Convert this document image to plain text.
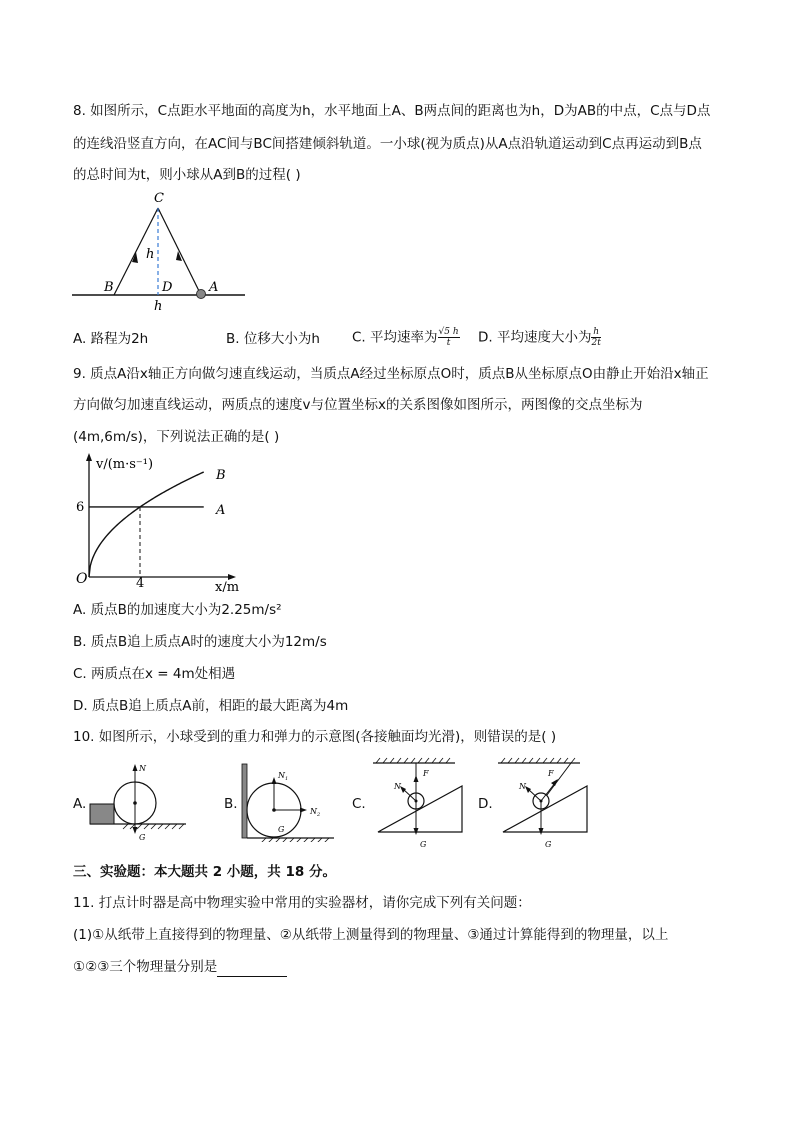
8. 如图所示，C点距水平地面的高度为h，水平地面上A、B两点间的距离也为h，D为AB的中点，C点与D点
的连线沿竖直方向，在AC间与BC间搭建倾斜轨道。一小球(视为质点)从A点沿轨道运动到C点再运动到B点
的总时间为t，则小球从A到B的过程( )
C
h
B	D	A
h
A. 路程为2h	B. 位移大小为h C. 平均速率为 $\frac{√5 h}{t} D$. 平均速度大小为 $\frac{h}{2t}$
9. 质点A沿x轴正方向做匀速直线运动，当质点A经过坐标原点O时，质点B从坐标原点O由静止开始沿x轴正
方向做匀加速直线运动，两质点的速度v与位置坐标x的关系图像如图所示，两图像的交点坐标为
(4m,6m/s)，下列说法正确的是( )
v/(m·s⁻¹)
x/m
O
6
4
A
B
A. 质点B的加速度大小为2.25m/s²
B. 质点B追上质点A时的速度大小为12m/s
C. 两质点在x = 4m处相遇
D. 质点B追上质点A前，相距的最大距离为4m
10. 如图所示，小球受到的重力和弹力的示意图(各接触面均光滑)，则错误的是( )
A.
N
G
B.
$N_1$
$N_2$
G
C.
F
N
G
D.
F
N
G
三、实验题：本大题共 2 小题，共 18 分。
11. 打点计时器是高中物理实验中常用的实验器材，请你完成下列有关问题：
(1)①从纸带上直接得到的物理量、②从纸带上测量得到的物理量、③通过计算能得到的物理量，以上
①②③三个物理量分别是
